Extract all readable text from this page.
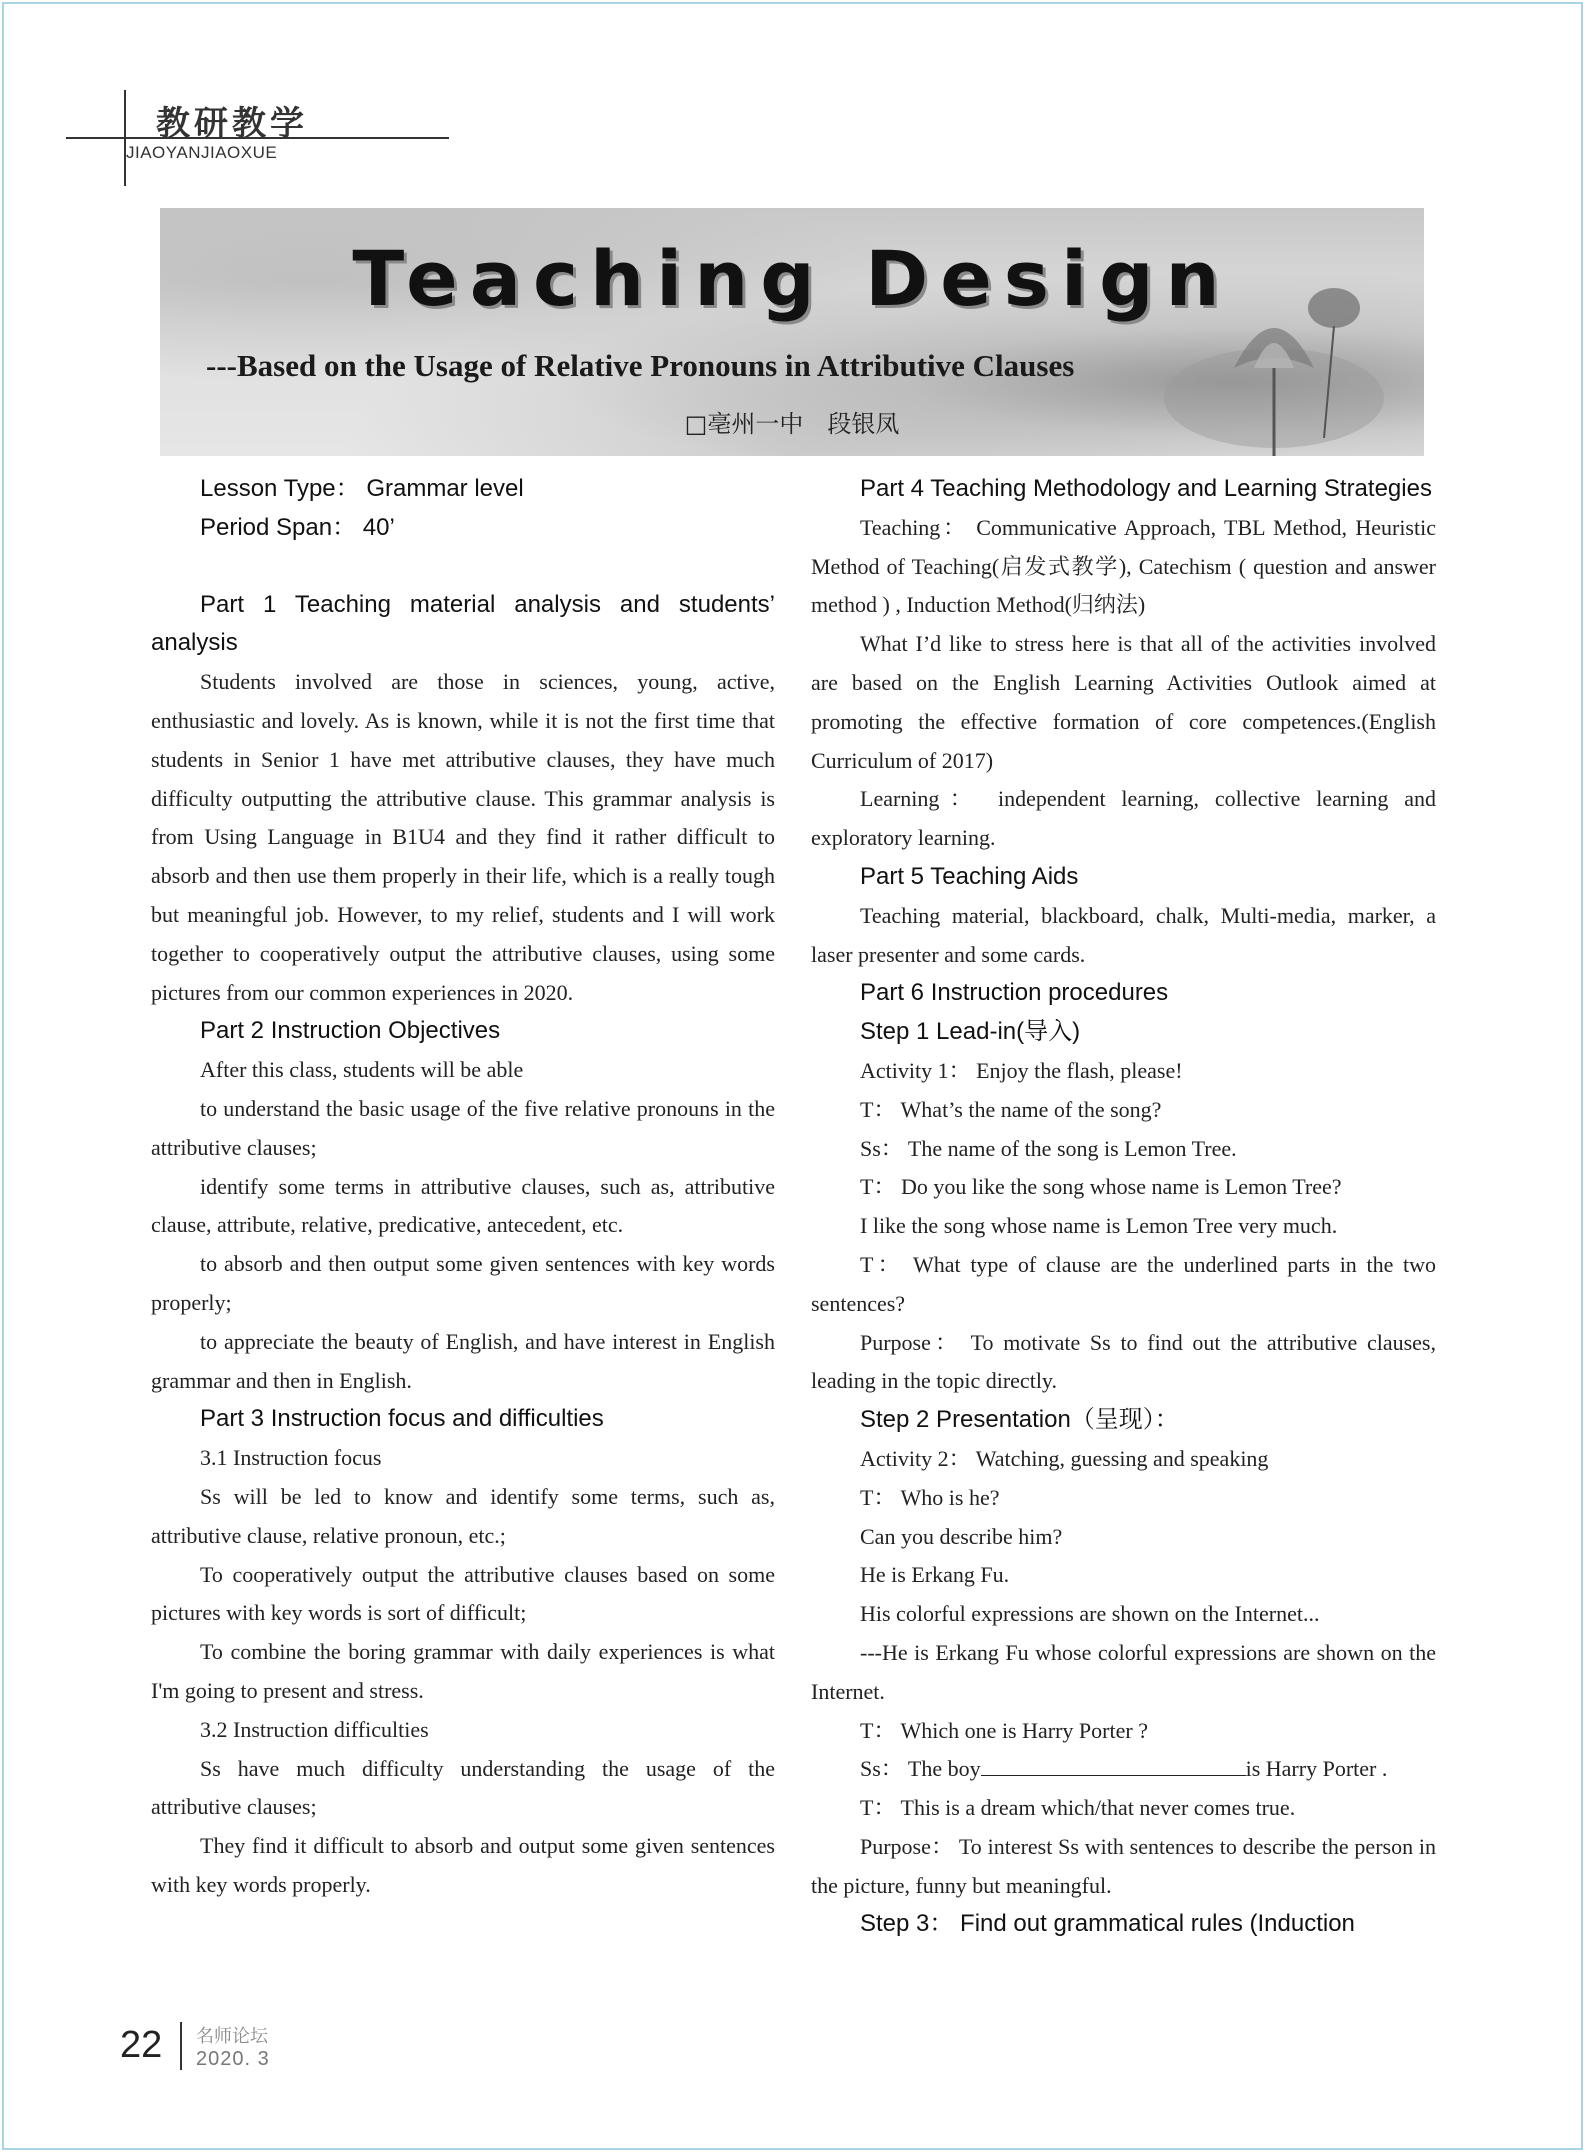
教研教学
JIAOYANJIAOXUE
Teaching Design
---Based on the Usage of Relative Pronouns in Attributive Clauses
□亳州一中　段银凤

Lesson Type： Grammar level

Period Span： 40’

Part 1 Teaching material analysis and students’ analysis

Students involved are those in sciences, young, active, enthusiastic and lovely. As is known, while it is not the first time that students in Senior 1 have met attributive clauses, they have much difficulty outputting the attributive clause. This grammar analysis is from Using Language in B1U4 and they find it rather difficult to absorb and then use them properly in their life, which is a really tough but meaningful job. However, to my relief, students and I will work together to cooperatively output the attributive clauses, using some pictures from our common experiences in 2020.

Part 2 Instruction Objectives

After this class, students will be able

to understand the basic usage of the five relative pronouns in the attributive clauses;

identify some terms in attributive clauses, such as, attributive clause, attribute, relative, predicative, antecedent, etc.

to absorb and then output some given sentences with key words properly;

to appreciate the beauty of English, and have interest in English grammar and then in English.

Part 3 Instruction focus and difficulties

3.1 Instruction focus

Ss will be led to know and identify some terms, such as, attributive clause, relative pronoun, etc.;

To cooperatively output the attributive clauses based on some pictures with key words is sort of difficult;

To combine the boring grammar with daily experiences is what I'm going to present and stress.

3.2 Instruction difficulties

Ss have much difficulty understanding the usage of the attributive clauses;

They find it difficult to absorb and output some given sentences with key words properly.

Part 4 Teaching Methodology and Learning Strategies

Teaching： Communicative Approach, TBL Method, Heuristic Method of Teaching(启发式教学), Catechism ( question and answer method ) , Induction Method(归纳法)

What I’d like to stress here is that all of the activities involved are based on the English Learning Activities Outlook aimed at promoting the effective formation of core competences.(English Curriculum of 2017)

Learning： independent learning, collective learning and exploratory learning.

Part 5 Teaching Aids

Teaching material, blackboard, chalk, Multi-media, marker, a laser presenter and some cards.

Part 6 Instruction procedures

Step 1 Lead-in(导入)

Activity 1： Enjoy the flash, please!

T： What’s the name of the song?

Ss： The name of the song is Lemon Tree.

T： Do you like the song whose name is Lemon Tree?

I like the song whose name is Lemon Tree very much.

T： What type of clause are the underlined parts in the two sentences?

Purpose： To motivate Ss to find out the attributive clauses, leading in the topic directly.

Step 2 Presentation（呈现）：

Activity 2： Watching, guessing and speaking

T： Who is he?

Can you describe him?

He is Erkang Fu.

His colorful expressions are shown on the Internet...

---He is Erkang Fu whose colorful expressions are shown on the Internet.

T： Which one is Harry Porter ?

Ss： The boy	is Harry Porter .

T： This is a dream which/that never comes true.

Purpose： To interest Ss with sentences to describe the person in the picture, funny but meaningful.

Step 3： Find out grammatical rules (Induction

22 名师论坛
2020. 3
